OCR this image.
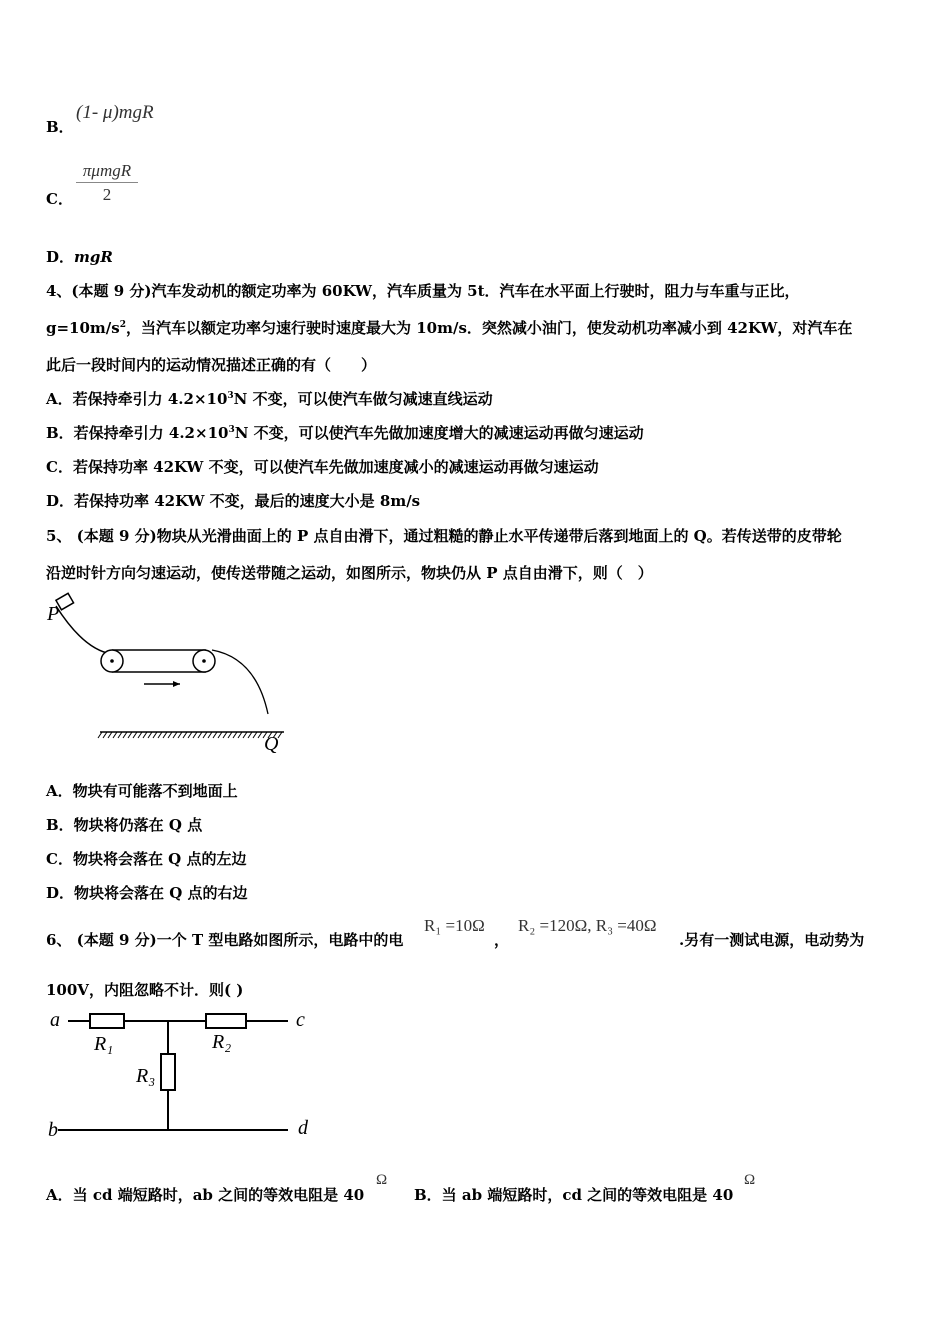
B．
(1- μ)mgR
C．
πμmgR
2
D．mgR
4、(本题 9 分)汽车发动机的额定功率为 60KW，汽车质量为 5t．汽车在水平面上行驶时，阻力与车重与正比，
$g=10m/s^2$，当汽车以额定功率匀速行驶时速度最大为 10m/s．突然减小油门，使发动机功率减小到 42KW，对汽车在
此后一段时间内的运动情况描述正确的有（　　）
A．若保持牵引力 $4.2\times 10^3N$ 不变，可以使汽车做匀减速直线运动
B．若保持牵引力 $4.2\times 10^3N$ 不变，可以使汽车先做加速度增大的减速运动再做匀速运动
C．若保持功率 42KW 不变，可以使汽车先做加速度减小的减速运动再做匀速运动
D．若保持功率 42KW 不变，最后的速度大小是 8m/s
5、 (本题 9 分)物块从光滑曲面上的 P 点自由滑下，通过粗糙的静止水平传递带后落到地面上的 Q。若传送带的皮带轮
沿逆时针方向匀速运动，使传送带随之运动，如图所示，物块仍从 P 点自由滑下，则（　）
P
Q
A．物块有可能落不到地面上
B．物块将仍落在 Q 点
C．物块将会落在 Q 点的左边
D．物块将会落在 Q 点的右边
6、 (本题 9 分)一个 T 型电路如图所示，电路中的电
R₁ =10Ω
，
R₂ =120Ω, R₃ =40Ω
.另有一测试电源，电动势为
100V，内阻忽略不计．则( )
a
b
c
d
R₁	R₂
R₃
A．当 cd 端短路时，ab 之间的等效电阻是 40
Ω
B．当 ab 端短路时，cd 之间的等效电阻是 40
Ω
